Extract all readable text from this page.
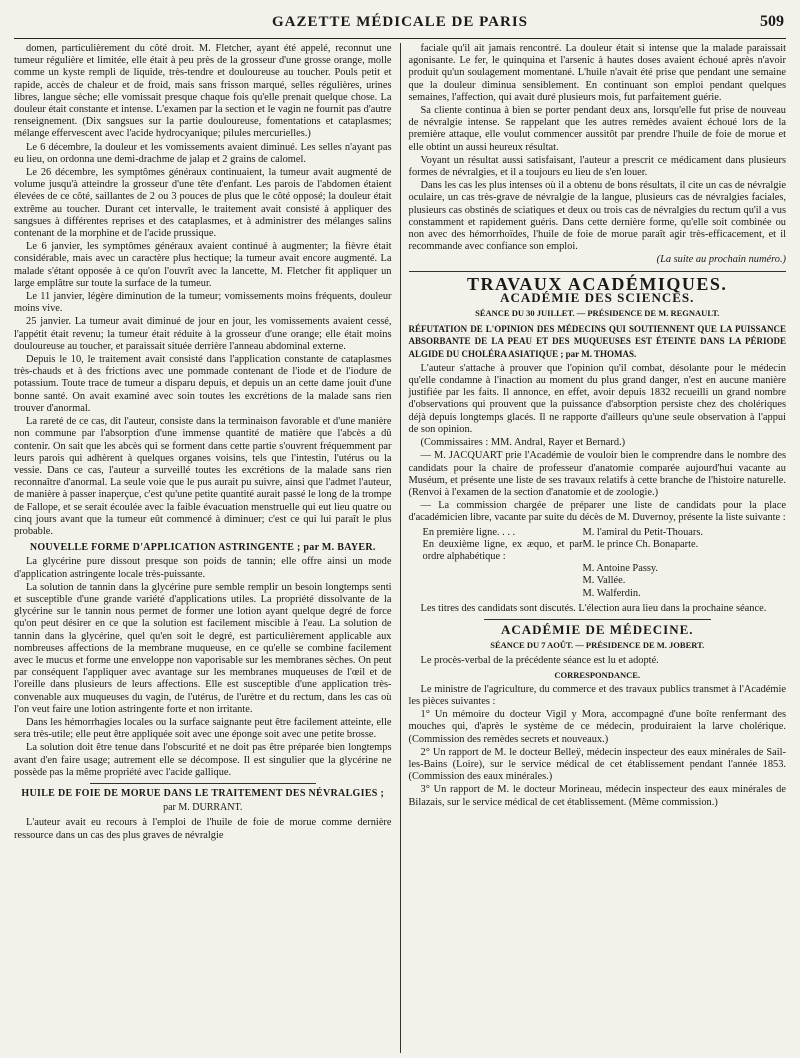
GAZETTE MÉDICALE DE PARIS	509

domen, particulièrement du côté droit. M. Fletcher, ayant été appelé, reconnut une tumeur régulière et limitée, elle était à peu près de la grosseur d'une grosse orange, molle comme un kyste rempli de liquide, très-tendre et douloureuse au toucher. Pouls petit et rapide, accès de chaleur et de froid, mais sans frisson marqué, selles régulières, urines libres, langue sèche; elle vomissait presque chaque fois qu'elle prenait quelque chose. La douleur était constante et intense. L'examen par la section et le vagin ne fournit pas d'autre renseignement. (Dix sangsues sur la partie douloureuse, fomentations et cataplasmes; mélange effervescent avec l'acide hydrocyanique; pilules mercurielles.)

Le 6 décembre, la douleur et les vomissements avaient diminué. Les selles n'ayant pas eu lieu, on ordonna une demi-drachme de jalap et 2 grains de calomel.

Le 26 décembre, les symptômes généraux continuaient, la tumeur avait augmenté de volume jusqu'à atteindre la grosseur d'une tête d'enfant. Les parois de l'abdomen étaient élevées de ce côté, saillantes de 2 ou 3 pouces de plus que le côté opposé; la douleur était extrême au toucher. Durant cet intervalle, le traitement avait consisté à appliquer des sangsues à différentes reprises et des cataplasmes, et à administrer des mélanges salins contenant de la morphine et de l'acide prussique.

Le 6 janvier, les symptômes généraux avaient continué à augmenter; la fièvre était considérable, mais avec un caractère plus hectique; la tumeur avait encore augmenté. La malade s'étant opposée à ce qu'on l'ouvrît avec la lancette, M. Fletcher fit appliquer un large emplâtre sur toute la surface de la tumeur.

Le 11 janvier, légère diminution de la tumeur; vomissements moins fréquents, douleur moins vive.

25 janvier. La tumeur avait diminué de jour en jour, les vomissements avaient cessé, l'appétit était revenu; la tumeur était réduite à la grosseur d'une orange; elle était moins douloureuse au toucher, et paraissait située derrière l'anneau abdominal externe.

Depuis le 10, le traitement avait consisté dans l'application constante de cataplasmes très-chauds et à des frictions avec une pommade contenant de l'iode et de l'iodure de potassium. Toute trace de tumeur a disparu depuis, et depuis un an cette dame jouit d'une bonne santé. On avait examiné avec soin toutes les excrétions de la malade sans rien trouver d'anormal.

La rareté de ce cas, dit l'auteur, consiste dans la terminaison favorable et d'une manière non commune par l'absorption d'une immense quantité de matière que l'abcès a dû contenir. On sait que les abcès qui se forment dans cette partie s'ouvrent fréquemment par leurs parois qui adhèrent à quelques organes voisins, tels que l'intestin, l'utérus ou la vessie. Dans ce cas, l'auteur a surveillé toutes les excrétions de la malade sans rien reconnaître d'anormal. La seule voie que le pus aurait pu suivre, ainsi que l'admet l'auteur, de manière à passer inaperçue, c'est qu'une petite quantité aurait passé le long de la trompe de Fallope, et se serait écoulée avec la faible évacuation menstruelle qui eut lieu quatre ou cinq jours avant que la tumeur eût commencé à diminuer; c'est ce qui lui paraît le plus probable.

NOUVELLE FORME D'APPLICATION ASTRINGENTE ; par M. BAYER.

La glycérine pure dissout presque son poids de tannin; elle offre ainsi un mode d'application astringente locale très-puissante.

La solution de tannin dans la glycérine pure semble remplir un besoin longtemps senti et susceptible d'une grande variété d'applications utiles. La propriété dissolvante de la glycérine sur le tannin nous permet de former une lotion ayant quelque degré de force qu'on peut désirer en ce que la solution est facilement miscible à l'eau. La solution de tannin dans la glycérine, quel qu'en soit le degré, est particulièrement applicable aux nombreuses affections de la membrane muqueuse, en ce qu'elle se combine facilement avec le mucus et forme une enveloppe non vaporisable sur les membranes sèches. On peut par conséquent l'appliquer avec avantage sur les membranes muqueuses de l'œil et de l'oreille dans plusieurs de leurs affections. Elle est susceptible d'une application très-convenable aux muqueuses du vagin, de l'utérus, de l'urètre et du rectum, dans les cas où l'on veut faire une lotion astringente forte et non irritante.

Dans les hémorrhagies locales ou la surface saignante peut être facilement atteinte, elle sera très-utile; elle peut être appliquée soit avec une éponge soit avec une petite brosse.

La solution doit être tenue dans l'obscurité et ne doit pas être préparée bien longtemps avant d'en faire usage; autrement elle se décompose. Il est singulier que la glycérine ne possède pas la même propriété avec l'acide gallique.

HUILE DE FOIE DE MORUE DANS LE TRAITEMENT DES NÉVRALGIES ;
par M. DURRANT.

L'auteur avait eu recours à l'emploi de l'huile de foie de morue comme dernière ressource dans un cas des plus graves de névralgie

faciale qu'il ait jamais rencontré. La douleur était si intense que la malade paraissait agonisante. Le fer, le quinquina et l'arsenic à hautes doses avaient échoué après n'avoir produit qu'un soulagement momentané. L'huile n'avait été prise que pendant une semaine que la douleur diminua sensiblement. En continuant son emploi pendant quelques semaines, l'affection, qui avait duré plusieurs mois, fut parfaitement guérie.

Sa cliente continua à bien se porter pendant deux ans, lorsqu'elle fut prise de nouveau de névralgie intense. Se rappelant que les autres remèdes avaient échoué lors de la première attaque, elle voulut commencer aussitôt par prendre l'huile de foie de morue et elle obtint un aussi heureux résultat.

Voyant un résultat aussi satisfaisant, l'auteur a prescrit ce médicament dans plusieurs formes de névralgies, et il a toujours eu lieu de s'en louer.

Dans les cas les plus intenses où il a obtenu de bons résultats, il cite un cas de névralgie oculaire, un cas très-grave de névralgie de la langue, plusieurs cas de névralgies faciales, plusieurs cas obstinés de sciatiques et deux ou trois cas de névralgies du rectum qu'il a vus constamment et rapidement guéris. Dans cette dernière forme, qu'elle soit combinée ou non avec des hémorrhoïdes, l'huile de foie de morue paraît agir très-efficacement, et il recommande avec confiance son emploi.

(La suite au prochain numéro.)

TRAVAUX ACADÉMIQUES.
ACADÉMIE DES SCIENCES.
SÉANCE DU 30 JUILLET. — PRÉSIDENCE DE M. REGNAULT.
RÉFUTATION DE L'OPINION DES MÉDECINS QUI SOUTIENNENT QUE LA PUISSANCE ABSORBANTE DE LA PEAU ET DES MUQUEUSES EST ÉTEINTE DANS LA PÉRIODE ALGIDE DU CHOLÉRA ASIATIQUE ; par M. THOMAS.

L'auteur s'attache à prouver que l'opinion qu'il combat, désolante pour le médecin qu'elle condamne à l'inaction au moment du plus grand danger, n'est en aucune manière justifiée par les faits. Il annonce, en effet, avoir depuis 1832 recueilli un grand nombre d'observations qui prouvent que la puissance d'absorption persiste chez des cholériques déjà depuis longtemps glacés. Il ne rapporte d'ailleurs qu'une seule observation à l'appui de son opinion.

(Commissaires : MM. Andral, Rayer et Bernard.)

— M. JACQUART prie l'Académie de vouloir bien le comprendre dans le nombre des candidats pour la chaire de professeur d'anatomie comparée aujourd'hui vacante au Muséum, et présente une liste de ses travaux relatifs à cette branche de l'histoire naturelle. (Renvoi à l'examen de la section d'anatomie et de zoologie.)

— La commission chargée de préparer une liste de candidats pour la place d'académicien libre, vacante par suite du décès de M. Duvernoy, présente la liste suivante :

En première ligne. . . .	M. l'amiral du Petit-Thouars.
En deuxième ligne, ex æquo, et par ordre alphabétique :
M. le prince Ch. Bonaparte.
M. Antoine Passy.
M. Vallée.
M. Walferdin.

Les titres des candidats sont discutés. L'élection aura lieu dans la prochaine séance.

ACADÉMIE DE MÉDECINE.
SÉANCE DU 7 AOÛT. — PRÉSIDENCE DE M. JOBERT.

Le procès-verbal de la précédente séance est lu et adopté.

CORRESPONDANCE.

Le ministre de l'agriculture, du commerce et des travaux publics transmet à l'Académie les pièces suivantes :

1° Un mémoire du docteur Vigil y Mora, accompagné d'une boîte renfermant des mouches qui, d'après le système de ce médecin, produiraient la larve cholérique. (Commission des remèdes secrets et nouveaux.)

2° Un rapport de M. le docteur Belleÿ, médecin inspecteur des eaux minérales de Sail-les-Bains (Loire), sur le service médical de cet établissement pendant l'année 1853. (Commission des eaux minérales.)

3° Un rapport de M. le docteur Morineau, médecin inspecteur des eaux minérales de Bilazais, sur le service médical de cet établissement. (Même commission.)
